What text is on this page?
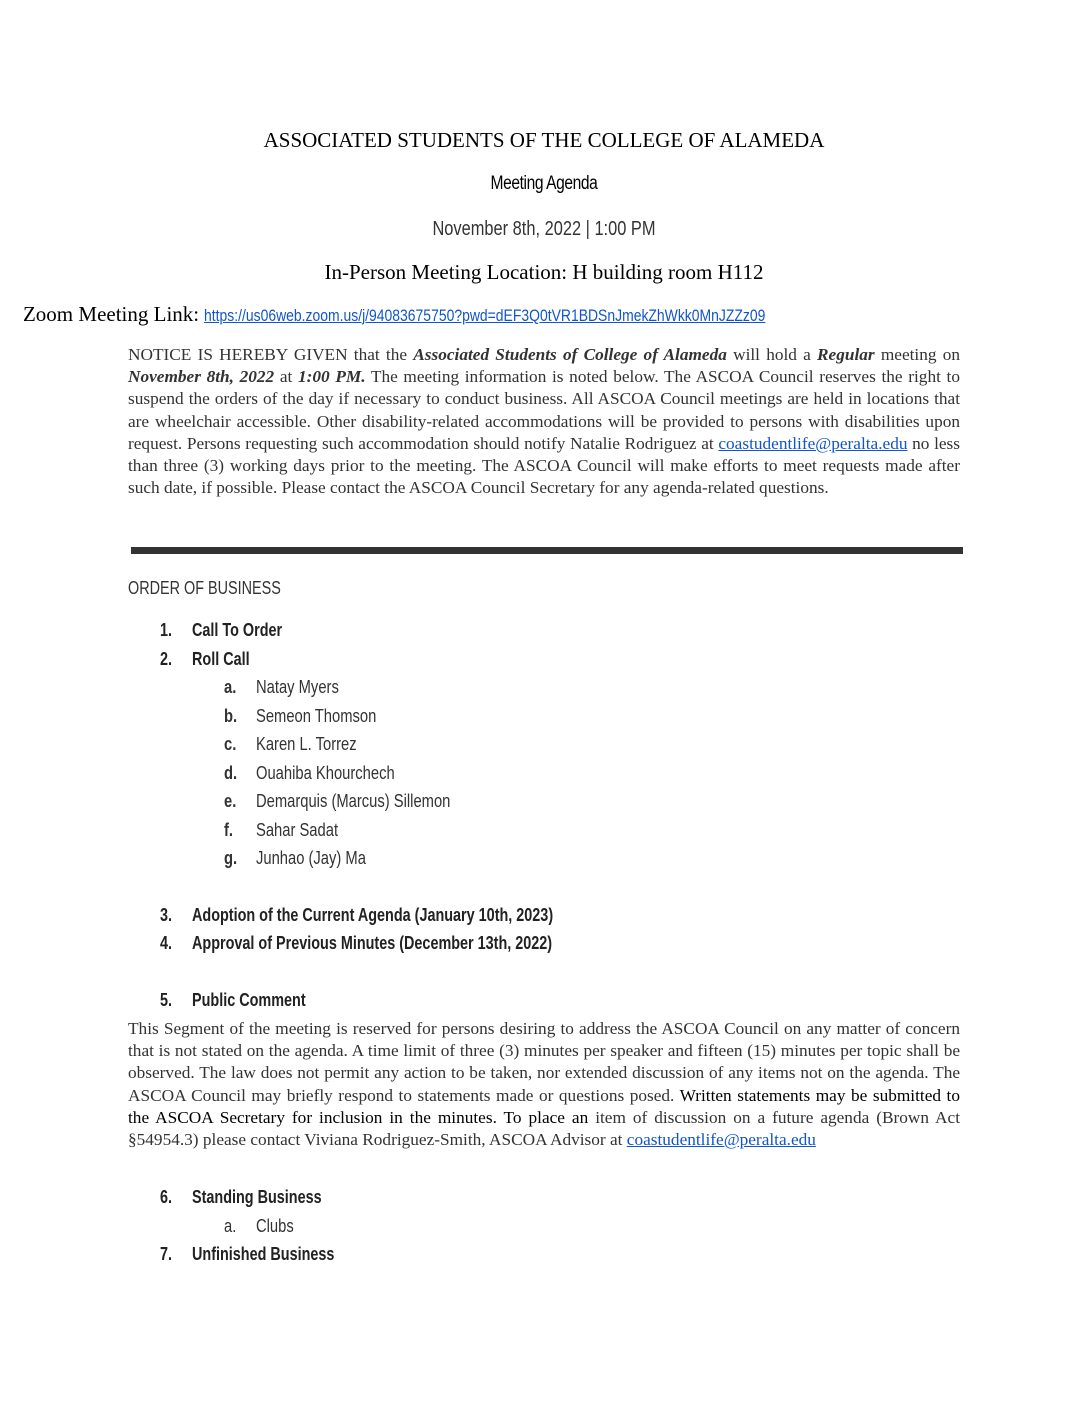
ASSOCIATED STUDENTS OF THE COLLEGE OF ALAMEDA
Meeting Agenda
November 8th, 2022 | 1:00 PM
In-Person Meeting Location: H building room H112
Zoom Meeting Link: https://us06web.zoom.us/j/94083675750?pwd=dEF3Q0tVR1BDSnJmekZhWkk0MnJZZz09
NOTICE IS HEREBY GIVEN that the Associated Students of College of Alameda will hold a Regular meeting on November 8th, 2022 at 1:00 PM. The meeting information is noted below. The ASCOA Council reserves the right to suspend the orders of the day if necessary to conduct business. All ASCOA Council meetings are held in locations that are wheelchair accessible. Other disability-related accommodations will be provided to persons with disabilities upon request. Persons requesting such accommodation should notify Natalie Rodriguez at coastudentlife@peralta.edu no less than three (3) working days prior to the meeting. The ASCOA Council will make efforts to meet requests made after such date, if possible. Please contact the ASCOA Council Secretary for any agenda-related questions.
ORDER OF BUSINESS
1. Call To Order
2. Roll Call
a. Natay Myers
b. Semeon Thomson
c. Karen L. Torrez
d. Ouahiba Khourchech
e. Demarquis (Marcus) Sillemon
f. Sahar Sadat
g. Junhao (Jay) Ma
3. Adoption of the Current Agenda (January 10th, 2023)
4. Approval of Previous Minutes (December 13th, 2022)
5. Public Comment
This Segment of the meeting is reserved for persons desiring to address the ASCOA Council on any matter of concern that is not stated on the agenda. A time limit of three (3) minutes per speaker and fifteen (15) minutes per topic shall be observed. The law does not permit any action to be taken, nor extended discussion of any items not on the agenda. The ASCOA Council may briefly respond to statements made or questions posed. Written statements may be submitted to the ASCOA Secretary for inclusion in the minutes. To place an item of discussion on a future agenda (Brown Act §54954.3) please contact Viviana Rodriguez-Smith, ASCOA Advisor at coastudentlife@peralta.edu
6. Standing Business
a. Clubs
7. Unfinished Business
